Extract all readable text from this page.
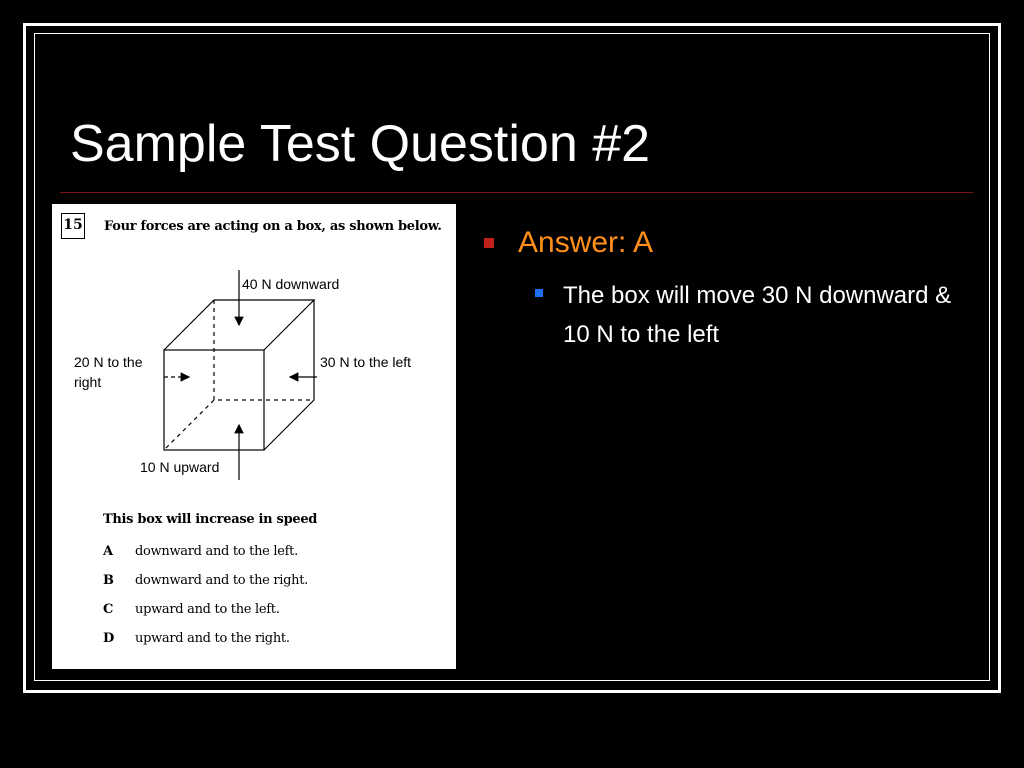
Sample Test Question #2
15 Four forces are acting on a box, as shown below.
40 N downward
20 N to the right
30 N to the left
10 N upward
This box will increase in speed
A downward and to the left.
B downward and to the right.
C upward and to the left.
D upward and to the right.
Answer: A
The box will move 30 N downward & 10 N to the left
